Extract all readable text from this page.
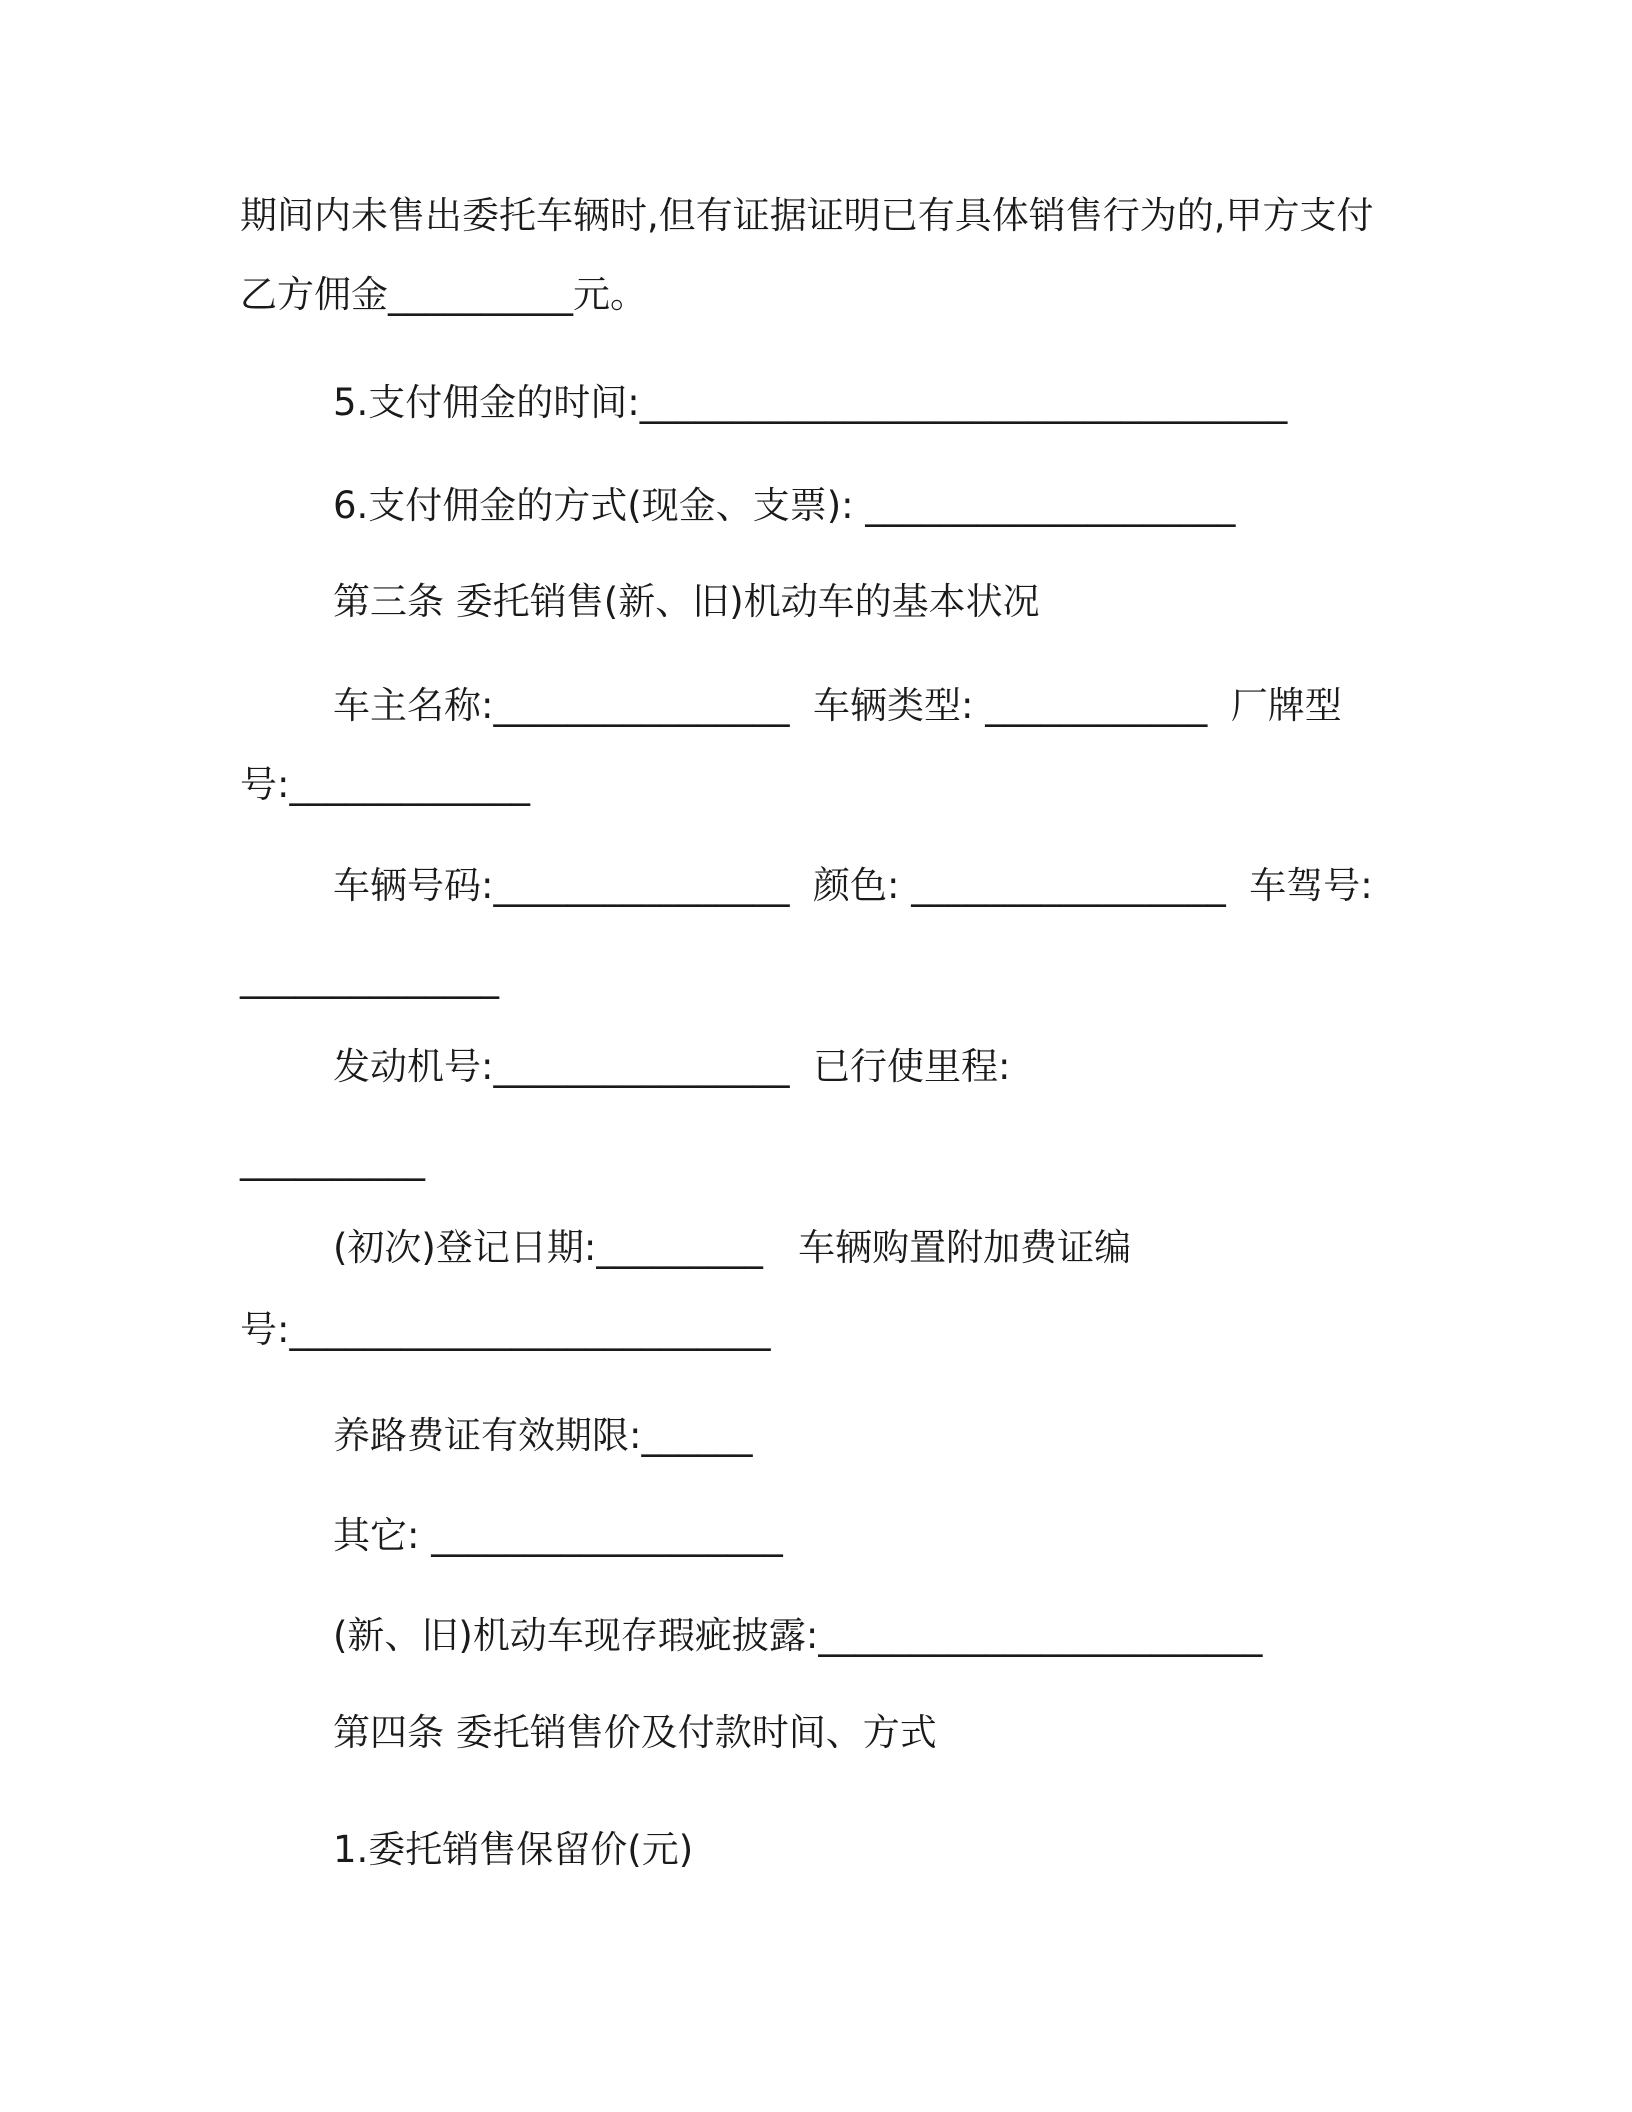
期间内未售出委托车辆时,但有证据证明已有具体销售行为的,甲方支付
乙方佣金__________元。
5.支付佣金的时间:___________________________________
6.支付佣金的方式(现金、支票): ____________________
第三条 委托销售(新、旧)机动车的基本状况
车主名称:________________  车辆类型: ____________  厂牌型
号:_____________
车辆号码:________________  颜色: _________________  车驾号:
______________
发动机号:________________  已行使里程:
__________
(初次)登记日期:_________   车辆购置附加费证编
号:__________________________
养路费证有效期限:______
其它: ___________________
(新、旧)机动车现存瑕疵披露:________________________
第四条 委托销售价及付款时间、方式
1.委托销售保留价(元)
